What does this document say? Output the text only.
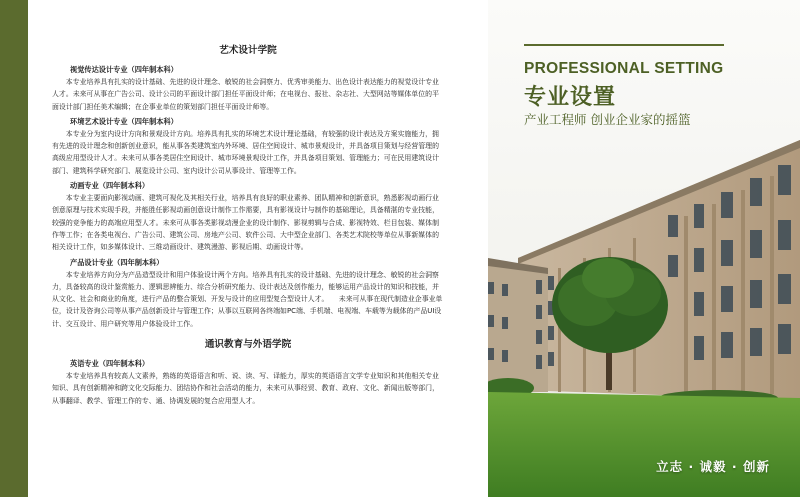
艺术设计学院
视觉传达设计专业（四年制本科）

本专业培养具有扎实的设计基础、先进的设计理念、敏锐的社会洞察力、优秀审美能力、出色设计表达能力的视觉设计专业人才。未来可从事在广告公司、设计公司的平面设计部门担任平面设计师；在电视台、报社、杂志社、大型网站等媒体单位的平面设计部门担任美术编辑；在企事业单位的策划部门担任平面设计师等。

环境艺术设计专业（四年制本科）

本专业分为室内设计方向和景观设计方向。培养具有扎实的环境艺术设计理论基础，有较强的设计表达及方案实施能力，拥有先进的设计理念和创新创业意识，能从事各类建筑室内外环境、居住空间设计、城市景观设计，并具备项目策划与经营管理的高级应用型设计人才。未来可从事各类居住空间设计、城市环境景观设计工作，并具备项目策划、管理能力；可在民用建筑设计部门、建筑科学研究部门、展览设计公司、室内设计公司从事设计、管理等工作。

动画专业（四年制本科）

本专业主要面向影视动画、建筑可视化及其相关行业，培养具有良好的职业素养、团队精神和创新意识，熟悉影视动画行业创意原理与技术实现手段，并能胜任影视动画创意设计制作工作需要，具有影视设计与制作的基础理论，具备精湛的专业技能，较强的竞争能力的高端应用型人才。未来可从事各类影视动漫企业的设计制作、影视剪辑与合成、影视特效、栏目包装、媒体制作等工作；在各类电视台、广告公司、建筑公司、房地产公司、软件公司、大中型企业部门、各类艺术院校等单位从事新媒体的相关设计工作，如多媒体设计、三维动画设计、建筑漫游、影视后期、动画设计等。

产品设计专业（四年制本科）

本专业培养方向分为产品造型设计和用户体验设计两个方向。培养具有扎实的设计基础、先进的设计理念、敏锐的社会洞察力，具备较高的设计鉴赏能力、逻辑思辨能力、综合分析研究能力、设计表达及创作能力，能够运用产品设计的知识和技能，并从文化、社会和商业的角度，进行产品的整合策划、开发与设计的应用型复合型设计人才。　　未来可从事在现代制造业企事业单位，设计及咨询公司等从事产品创新设计与管理工作；从事以互联网各终端如PC端、手机端、电视端、车载等为载体的产品UI设计、交互设计、用户研究等用户体验设计工作。

通识教育与外语学院
英语专业（四年制本科）

本专业培养具有较高人文素养，熟练的英语语言和听、说、读、写、译能力，厚实的英语语言文学专业知识和其他相关专业知识、具有创新精神和跨文化交际能力、团结协作和社会活动的能力，未来可从事经贸、教育、政府、文化、新闻出版等部门，从事翻译、教学、管理工作的专、通、协调发展的复合应用型人才。

PROFESSIONAL SETTING
专业设置
产业工程师 创业企业家的摇篮
立志 · 诚毅 · 创新
